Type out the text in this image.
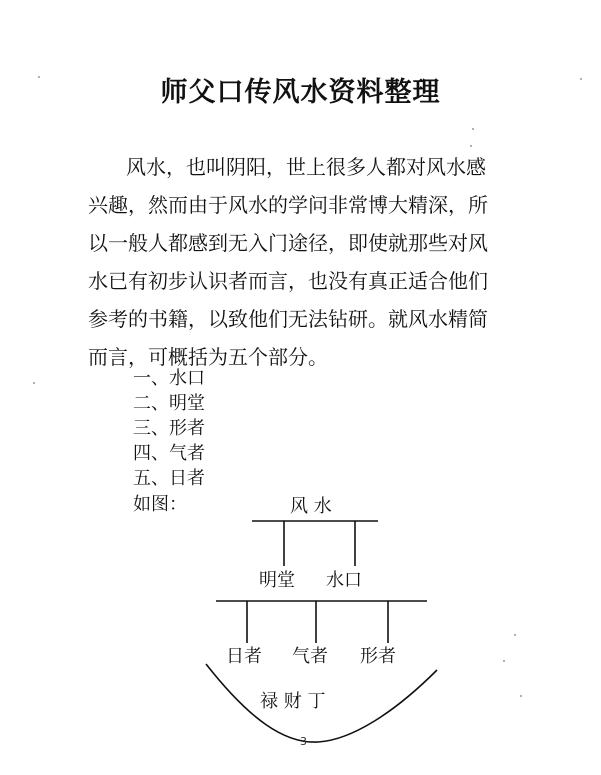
师父口传风水资料整理
风水，也叫阴阳，世上很多人都对风水感
兴趣，然而由于风水的学问非常博大精深，所
以一般人都感到无入门途径，即使就那些对风
水已有初步认识者而言，也没有真正适合他们
参考的书籍，以致他们无法钻研。就风水精简
而言，可概括为五个部分。
一、水口
二、明堂
三、形者
四、气者
五、日者
如图：	风 水
明堂 水口
日者 气者 形者
禄 财 丁
3
